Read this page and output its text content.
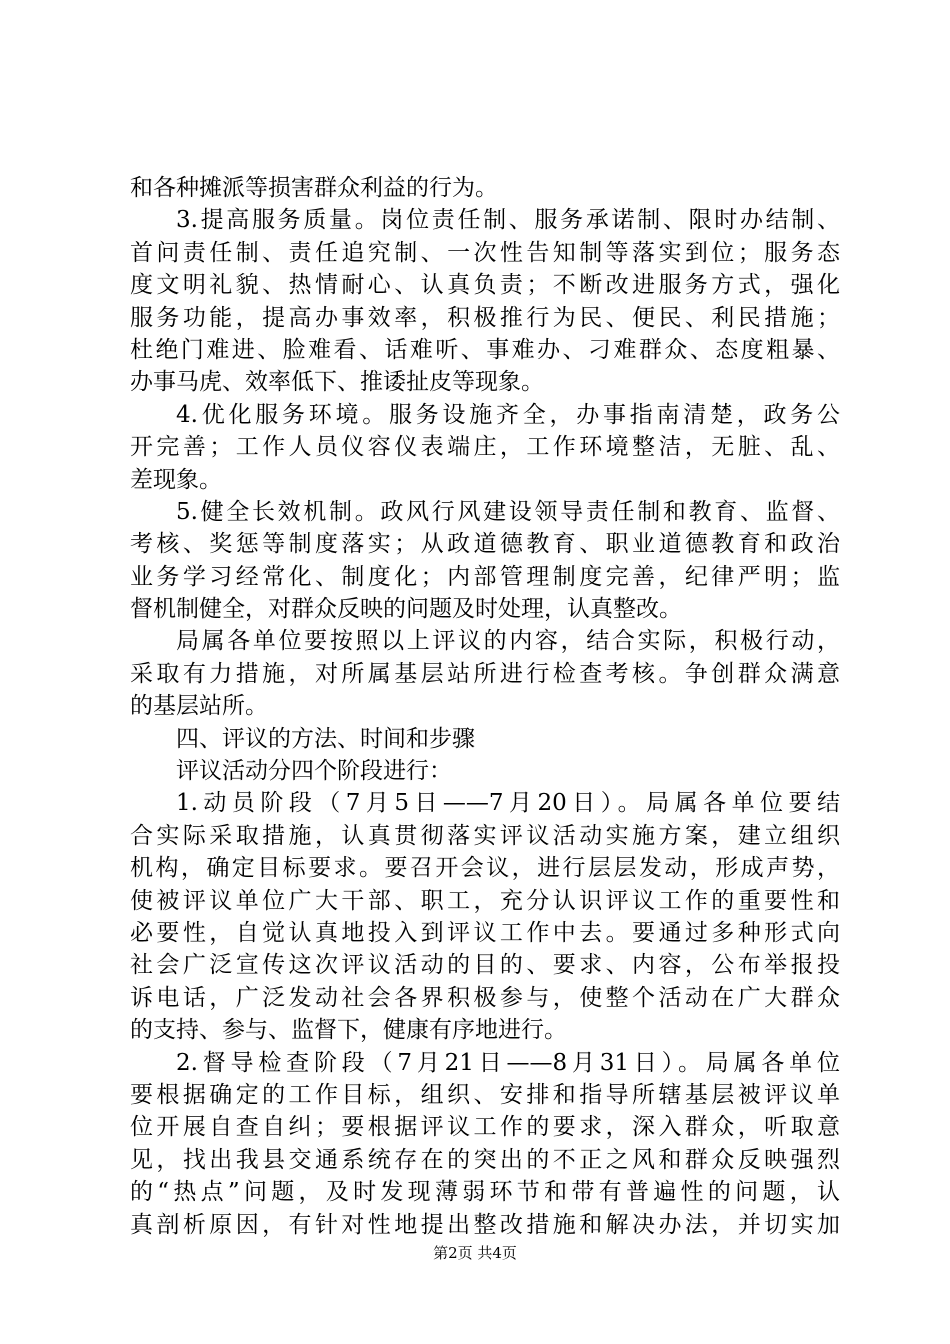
和各种摊派等损害群众利益的行为。
3.提高服务质量。岗位责任制、服务承诺制、限时办结制、
首问责任制、责任追究制、一次性告知制等落实到位；服务态
度文明礼貌、热情耐心、认真负责；不断改进服务方式，强化
服务功能，提高办事效率，积极推行为民、便民、利民措施；
杜绝门难进、脸难看、话难听、事难办、刁难群众、态度粗暴、
办事马虎、效率低下、推诿扯皮等现象。
4.优化服务环境。服务设施齐全，办事指南清楚，政务公
开完善；工作人员仪容仪表端庄，工作环境整洁，无脏、乱、
差现象。
5.健全长效机制。政风行风建设领导责任制和教育、监督、
考核、奖惩等制度落实；从政道德教育、职业道德教育和政治
业务学习经常化、制度化；内部管理制度完善，纪律严明；监
督机制健全，对群众反映的问题及时处理，认真整改。
局属各单位要按照以上评议的内容，结合实际，积极行动，
采取有力措施，对所属基层站所进行检查考核。争创群众满意
的基层站所。
四、评议的方法、时间和步骤
评议活动分四个阶段进行：
1.动员阶段（7月5日——7月20日）。局属各单位要结
合实际采取措施，认真贯彻落实评议活动实施方案，建立组织
机构，确定目标要求。要召开会议，进行层层发动，形成声势，
使被评议单位广大干部、职工，充分认识评议工作的重要性和
必要性，自觉认真地投入到评议工作中去。要通过多种形式向
社会广泛宣传这次评议活动的目的、要求、内容，公布举报投
诉电话，广泛发动社会各界积极参与，使整个活动在广大群众
的支持、参与、监督下，健康有序地进行。
2.督导检查阶段（7月21日——8月31日）。局属各单位
要根据确定的工作目标，组织、安排和指导所辖基层被评议单
位开展自查自纠；要根据评议工作的要求，深入群众，听取意
见，找出我县交通系统存在的突出的不正之风和群众反映强烈
的“热点”问题，及时发现薄弱环节和带有普遍性的问题，认
真剖析原因，有针对性地提出整改措施和解决办法，并切实加
第2页 共4页
